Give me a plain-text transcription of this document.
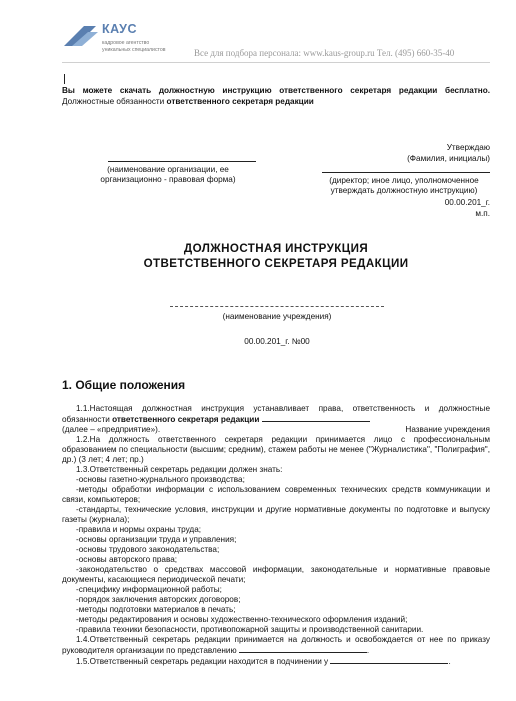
КАУС
кадровое агентство
уникальных специалистов	Все для подбора персонала: www.kaus-group.ru Тел. (495) 660-35-40
Вы можете скачать должностную инструкцию ответственного секретаря редакции бесплатно. Должностные обязанности ответственного секретаря редакции
Утверждаю
(Фамилия, инициалы)
(директор; иное лицо, уполномоченное утверждать должностную инструкцию)
00.00.201_г.
м.п.
(наименование организации, ее организационно - правовая форма)
ДОЛЖНОСТНАЯ ИНСТРУКЦИЯ
ОТВЕТСТВЕННОГО СЕКРЕТАРЯ РЕДАКЦИИ
(наименование учреждения)
00.00.201_г. №00
1. Общие положения

1.1.Настоящая должностная инструкция устанавливает права, ответственность и должностные обязанности ответственного секретаря редакции

(далее – «предприятие»).	Название учреждения

1.2.На должность ответственного секретаря редакции принимается лицо с профессиональным образованием по специальности (высшим; средним), стажем работы не менее ("Журналистика", "Полиграфия", др.) (3 лет; 4 лет; пр.)

1.3.Ответственный секретарь редакции должен знать:

-основы газетно-журнального производства;

-методы обработки информации с использованием современных технических средств коммуникации и связи, компьютеров;

-стандарты, технические условия, инструкции и другие нормативные документы по подготовке и выпуску газеты (журнала);

-правила и нормы охраны труда;

-основы организации труда и управления;

-основы трудового законодательства;

-основы авторского права;

-законодательство о средствах массовой информации, законодательные и нормативные правовые документы, касающиеся периодической печати;

-специфику информационной работы;

-порядок заключения авторских договоров;

-методы подготовки материалов в печать;

-методы редактирования и основы художественно-технического оформления изданий;

-правила техники безопасности, противопожарной защиты и производственной санитарии.

1.4.Ответственный секретарь редакции принимается на должность и освобождается от нее по приказу руководителя организации по представлению	.

1.5.Ответственный секретарь редакции находится в подчинении у	.
